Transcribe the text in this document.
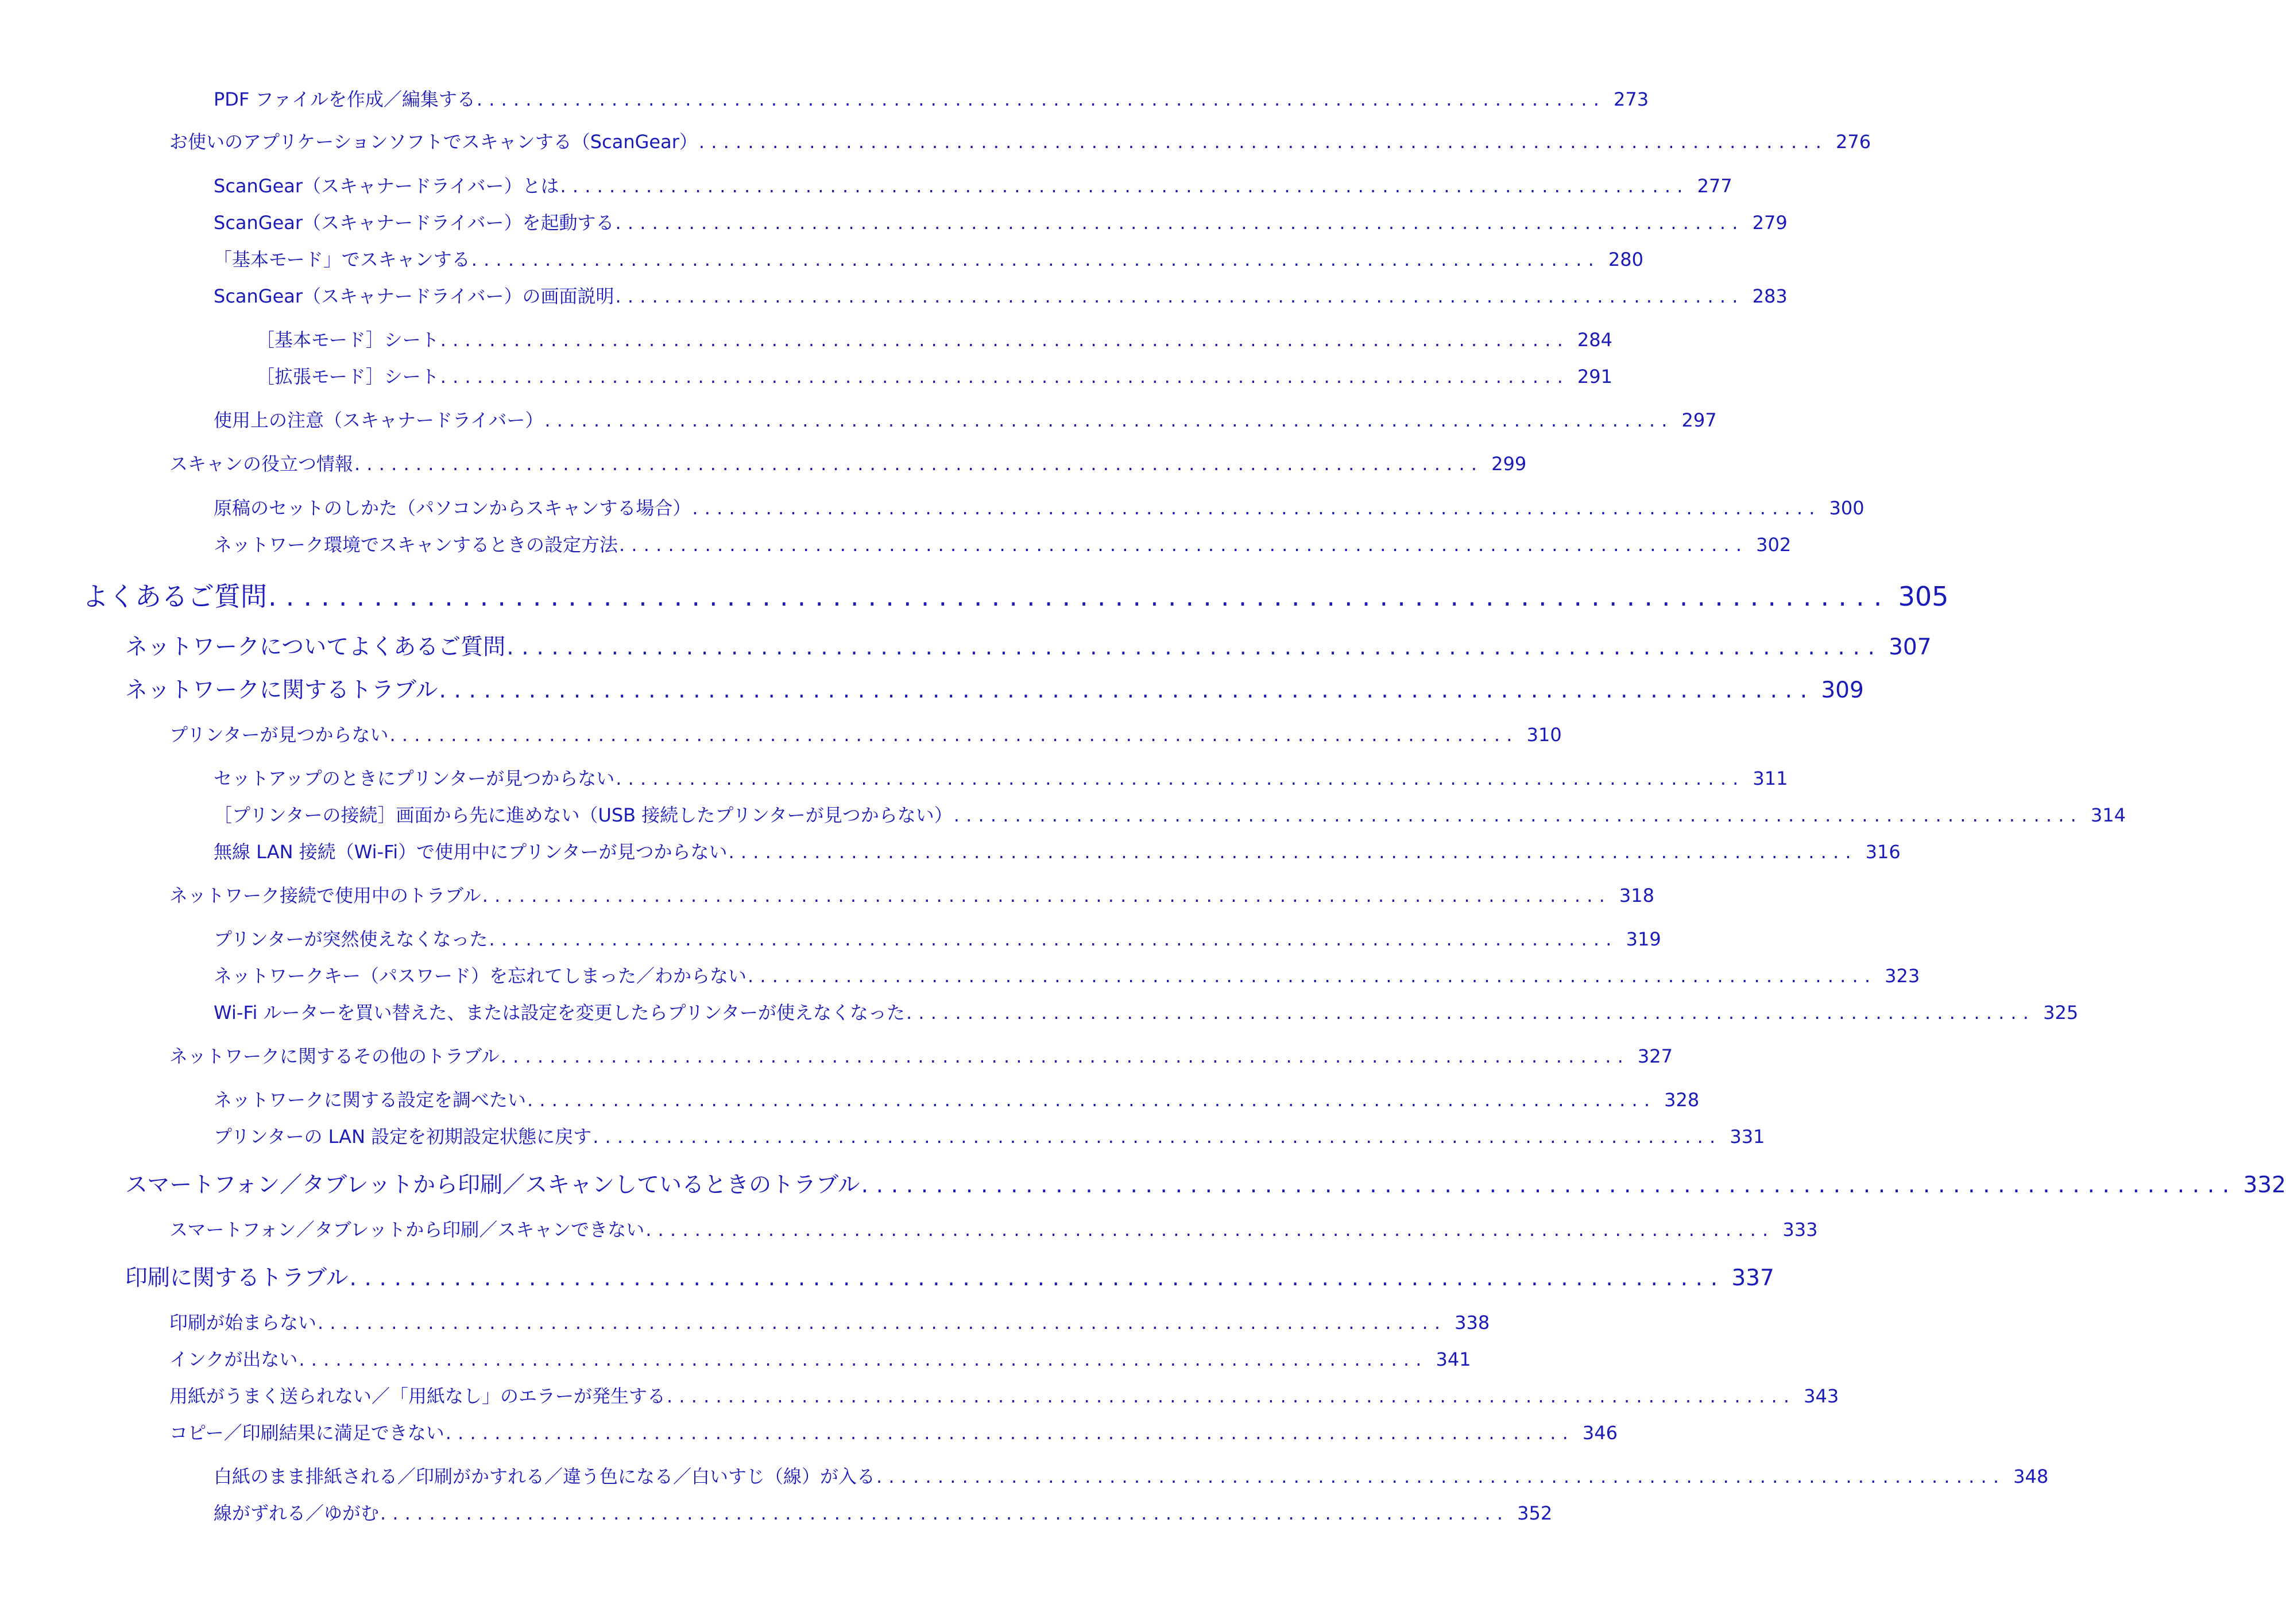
PDF ファイルを作成／編集する ............................................................................................ 273
お使いのアプリケーションソフトでスキャンする（ScanGear） ............................................................................................ 276
ScanGear（スキャナードライバー）とは ............................................................................................ 277
ScanGear（スキャナードライバー）を起動する ............................................................................................ 279
「基本モード」でスキャンする ............................................................................................ 280
ScanGear（スキャナードライバー）の画面説明 ............................................................................................ 283
［基本モード］シート ............................................................................................ 284
［拡張モード］シート ............................................................................................ 291
使用上の注意（スキャナードライバー） ............................................................................................ 297
スキャンの役立つ情報 ............................................................................................ 299
原稿のセットのしかた（パソコンからスキャンする場合） ............................................................................................ 300
ネットワーク環境でスキャンするときの設定方法 ............................................................................................ 302
よくあるご質問 ............................................................................................ 305
ネットワークについてよくあるご質問 ............................................................................................ 307
ネットワークに関するトラブル ............................................................................................ 309
プリンターが見つからない ............................................................................................ 310
セットアップのときにプリンターが見つからない ............................................................................................ 311
［プリンターの接続］画面から先に進めない（USB 接続したプリンターが見つからない） ............................................................................................ 314
無線 LAN 接続（Wi-Fi）で使用中にプリンターが見つからない ............................................................................................ 316
ネットワーク接続で使用中のトラブル ............................................................................................ 318
プリンターが突然使えなくなった ............................................................................................ 319
ネットワークキー（パスワード）を忘れてしまった／わからない ............................................................................................ 323
Wi-Fi ルーターを買い替えた、または設定を変更したらプリンターが使えなくなった ............................................................................................ 325
ネットワークに関するその他のトラブル ............................................................................................ 327
ネットワークに関する設定を調べたい ............................................................................................ 328
プリンターの LAN 設定を初期設定状態に戻す ............................................................................................ 331
スマートフォン／タブレットから印刷／スキャンしているときのトラブル ............................................................................................ 332
スマートフォン／タブレットから印刷／スキャンできない ............................................................................................ 333
印刷に関するトラブル ............................................................................................ 337
印刷が始まらない ............................................................................................ 338
インクが出ない ............................................................................................ 341
用紙がうまく送られない／「用紙なし」のエラーが発生する ............................................................................................ 343
コピー／印刷結果に満足できない ............................................................................................ 346
白紙のまま排紙される／印刷がかすれる／違う色になる／白いすじ（線）が入る ............................................................................................ 348
線がずれる／ゆがむ ............................................................................................ 352
